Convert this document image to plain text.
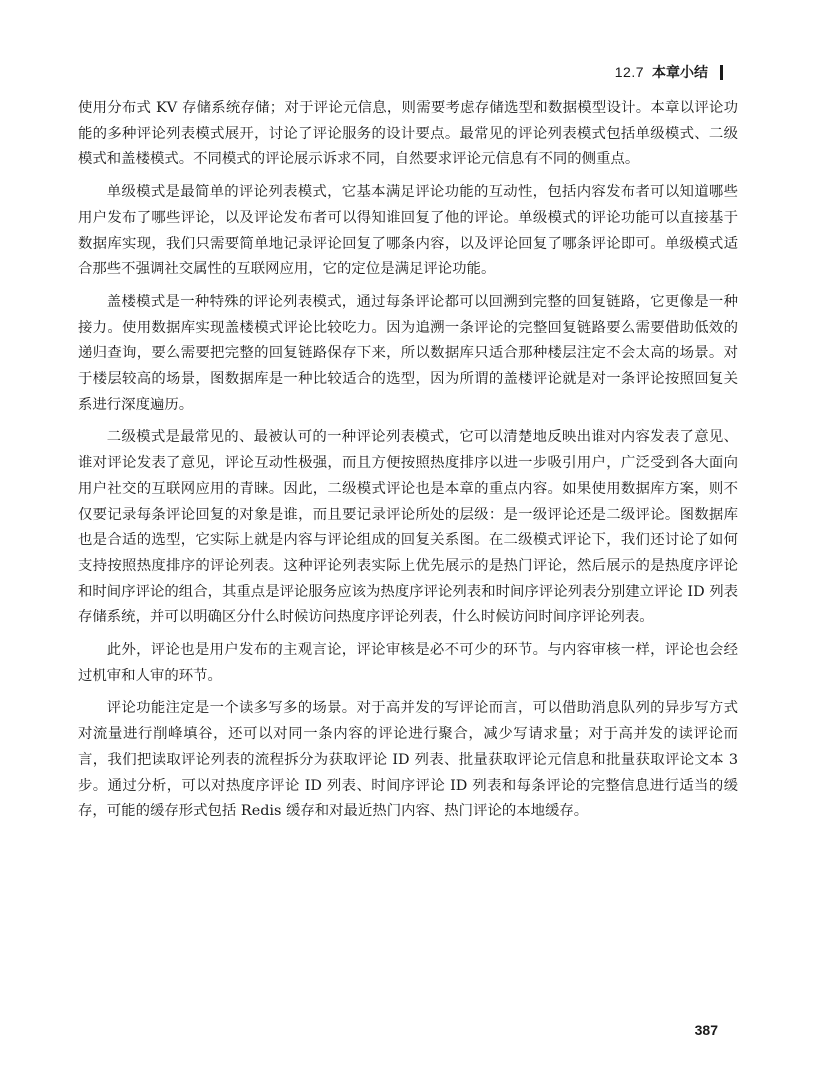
12.7 本章小结

使用分布式 KV 存储系统存储；对于评论元信息，则需要考虑存储选型和数据模型设计。本章以评论功能的多种评论列表模式展开，讨论了评论服务的设计要点。最常见的评论列表模式包括单级模式、二级模式和盖楼模式。不同模式的评论展示诉求不同，自然要求评论元信息有不同的侧重点。

单级模式是最简单的评论列表模式，它基本满足评论功能的互动性，包括内容发布者可以知道哪些用户发布了哪些评论，以及评论发布者可以得知谁回复了他的评论。单级模式的评论功能可以直接基于数据库实现，我们只需要简单地记录评论回复了哪条内容，以及评论回复了哪条评论即可。单级模式适合那些不强调社交属性的互联网应用，它的定位是满足评论功能。

盖楼模式是一种特殊的评论列表模式，通过每条评论都可以回溯到完整的回复链路，它更像是一种接力。使用数据库实现盖楼模式评论比较吃力。因为追溯一条评论的完整回复链路要么需要借助低效的递归查询，要么需要把完整的回复链路保存下来，所以数据库只适合那种楼层注定不会太高的场景。对于楼层较高的场景，图数据库是一种比较适合的选型，因为所谓的盖楼评论就是对一条评论按照回复关系进行深度遍历。

二级模式是最常见的、最被认可的一种评论列表模式，它可以清楚地反映出谁对内容发表了意见、谁对评论发表了意见，评论互动性极强，而且方便按照热度排序以进一步吸引用户，广泛受到各大面向用户社交的互联网应用的青睐。因此，二级模式评论也是本章的重点内容。如果使用数据库方案，则不仅要记录每条评论回复的对象是谁，而且要记录评论所处的层级：是一级评论还是二级评论。图数据库也是合适的选型，它实际上就是内容与评论组成的回复关系图。在二级模式评论下，我们还讨论了如何支持按照热度排序的评论列表。这种评论列表实际上优先展示的是热门评论，然后展示的是热度序评论和时间序评论的组合，其重点是评论服务应该为热度序评论列表和时间序评论列表分别建立评论 ID 列表存储系统，并可以明确区分什么时候访问热度序评论列表，什么时候访问时间序评论列表。

此外，评论也是用户发布的主观言论，评论审核是必不可少的环节。与内容审核一样，评论也会经过机审和人审的环节。

评论功能注定是一个读多写多的场景。对于高并发的写评论而言，可以借助消息队列的异步写方式对流量进行削峰填谷，还可以对同一条内容的评论进行聚合，减少写请求量；对于高并发的读评论而言，我们把读取评论列表的流程拆分为获取评论 ID 列表、批量获取评论元信息和批量获取评论文本 3 步。通过分析，可以对热度序评论 ID 列表、时间序评论 ID 列表和每条评论的完整信息进行适当的缓存，可能的缓存形式包括 Redis 缓存和对最近热门内容、热门评论的本地缓存。

387
